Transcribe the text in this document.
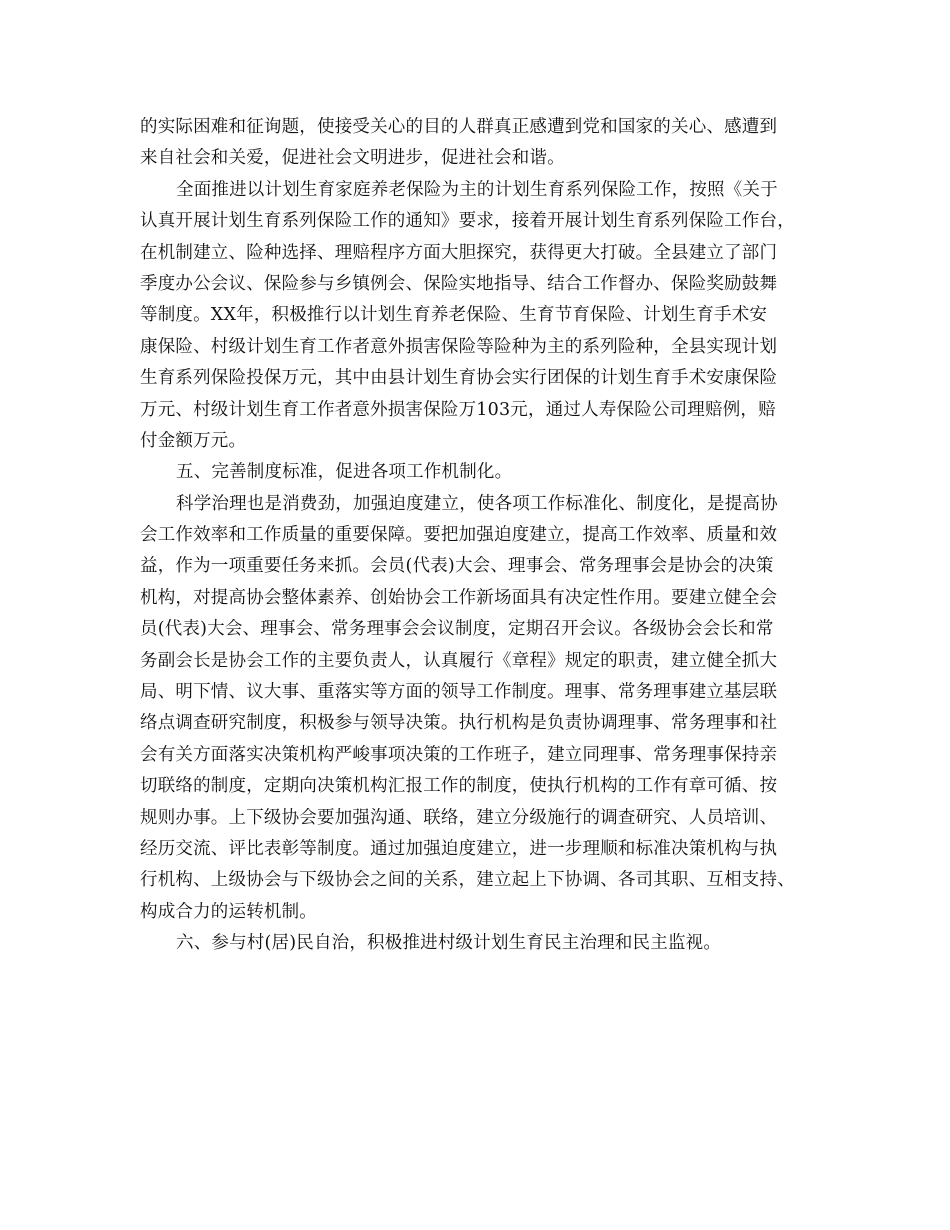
的实际困难和征询题，使接受关心的目的人群真正感遭到党和国家的关心、感遭到
来自社会和关爱，促进社会文明进步，促进社会和谐。
全面推进以计划生育家庭养老保险为主的计划生育系列保险工作，按照《关于
认真开展计划生育系列保险工作的通知》要求，接着开展计划生育系列保险工作台，
在机制建立、险种选择、理赔程序方面大胆探究，获得更大打破。全县建立了部门
季度办公会议、保险参与乡镇例会、保险实地指导、结合工作督办、保险奖励鼓舞
等制度。XX年，积极推行以计划生育养老保险、生育节育保险、计划生育手术安
康保险、村级计划生育工作者意外损害保险等险种为主的系列险种，全县实现计划
生育系列保险投保万元，其中由县计划生育协会实行团保的计划生育手术安康保险
万元、村级计划生育工作者意外损害保险万103元，通过人寿保险公司理赔例，赔
付金额万元。
五、完善制度标准，促进各项工作机制化。
科学治理也是消费劲，加强迫度建立，使各项工作标准化、制度化，是提高协
会工作效率和工作质量的重要保障。要把加强迫度建立，提高工作效率、质量和效
益，作为一项重要任务来抓。会员(代表)大会、理事会、常务理事会是协会的决策
机构，对提高协会整体素养、创始协会工作新场面具有决定性作用。要建立健全会
员(代表)大会、理事会、常务理事会会议制度，定期召开会议。各级协会会长和常
务副会长是协会工作的主要负责人，认真履行《章程》规定的职责，建立健全抓大
局、明下情、议大事、重落实等方面的领导工作制度。理事、常务理事建立基层联
络点调查研究制度，积极参与领导决策。执行机构是负责协调理事、常务理事和社
会有关方面落实决策机构严峻事项决策的工作班子，建立同理事、常务理事保持亲
切联络的制度，定期向决策机构汇报工作的制度，使执行机构的工作有章可循、按
规则办事。上下级协会要加强沟通、联络，建立分级施行的调查研究、人员培训、
经历交流、评比表彰等制度。通过加强迫度建立，进一步理顺和标准决策机构与执
行机构、上级协会与下级协会之间的关系，建立起上下协调、各司其职、互相支持、
构成合力的运转机制。
六、参与村(居)民自治，积极推进村级计划生育民主治理和民主监视。
